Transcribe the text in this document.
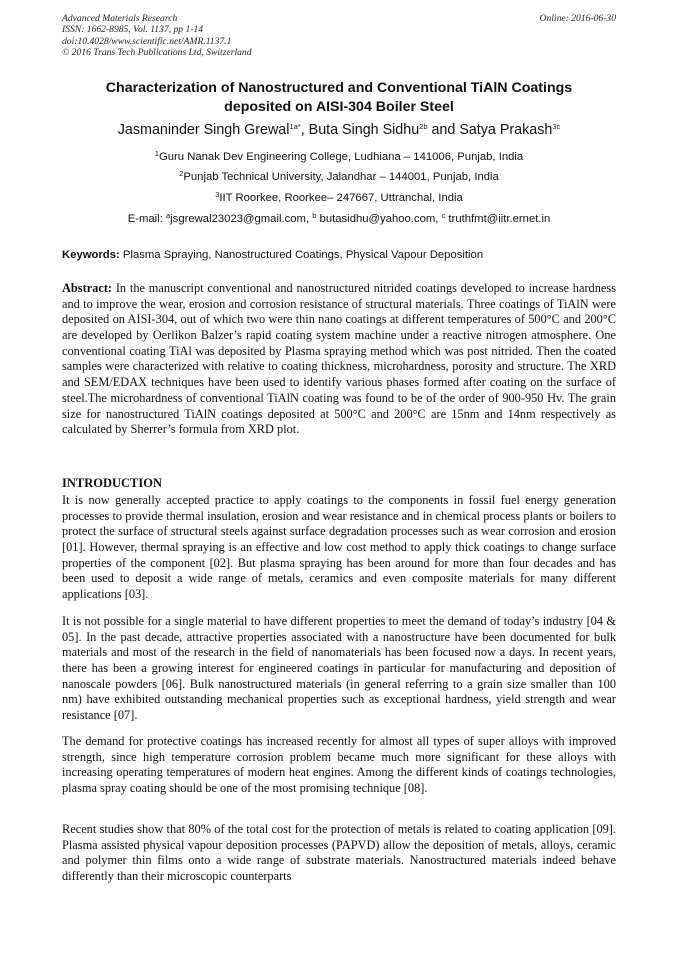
Advanced Materials Research
ISSN: 1662-8985, Vol. 1137, pp 1-14
doi:10.4028/www.scientific.net/AMR.1137.1
© 2016 Trans Tech Publications Ltd, Switzerland
Online: 2016-06-30
Characterization of Nanostructured and Conventional TiAlN Coatings
deposited on AISI-304 Boiler Steel
Jasmaninder Singh Grewal$^{1a*}$, Buta Singh Sidhu$^{2b}$ and Satya Prakash$^{3c}$
$^1$Guru Nanak Dev Engineering College, Ludhiana – 141006, Punjab, India
$^2$Punjab Technical University, Jalandhar – 144001, Punjab, India
$^3$IIT Roorkee, Roorkee– 247667, Uttranchal, India
E-mail: $^a$jsgrewal23023@gmail.com, $^b$ butasidhu@yahoo.com, $^c$ truthfmt@iitr.ernet.in
Keywords: Plasma Spraying, Nanostructured Coatings, Physical Vapour Deposition
Abstract: In the manuscript conventional and nanostructured nitrided coatings developed to increase hardness and to improve the wear, erosion and corrosion resistance of structural materials. Three coatings of TiAlN were deposited on AISI-304, out of which two were thin nano coatings at different temperatures of 500°C and 200°C are developed by Oerlikon Balzer’s rapid coating system machine under a reactive nitrogen atmosphere. One conventional coating TiAl was deposited by Plasma spraying method which was post nitrided. Then the coated samples were characterized with relative to coating thickness, microhardness, porosity and structure. The XRD and SEM/EDAX techniques have been used to identify various phases formed after coating on the surface of steel.The microhardness of conventional TiAlN coating was found to be of the order of 900-950 Hv. The grain size for nanostructured TiAlN coatings deposited at 500°C and 200°C are 15nm and 14nm respectively as calculated by Sherrer’s formula from XRD plot.
INTRODUCTION
It is now generally accepted practice to apply coatings to the components in fossil fuel energy generation processes to provide thermal insulation, erosion and wear resistance and in chemical process plants or boilers to protect the surface of structural steels against surface degradation processes such as wear corrosion and erosion [01]. However, thermal spraying is an effective and low cost method to apply thick coatings to change surface properties of the component [02]. But plasma spraying has been around for more than four decades and has been used to deposit a wide range of metals, ceramics and even composite materials for many different applications [03].
It is not possible for a single material to have different properties to meet the demand of today’s industry [04 & 05]. In the past decade, attractive properties associated with a nanostructure have been documented for bulk materials and most of the research in the field of nanomaterials has been focused now a days. In recent years, there has been a growing interest for engineered coatings in particular for manufacturing and deposition of nanoscale powders [06]. Bulk nanostructured materials (in general referring to a grain size smaller than 100 nm) have exhibited outstanding mechanical properties such as exceptional hardness, yield strength and wear resistance [07].
The demand for protective coatings has increased recently for almost all types of super alloys with improved strength, since high temperature corrosion problem became much more significant for these alloys with increasing operating temperatures of modern heat engines. Among the different kinds of coatings technologies, plasma spray coating should be one of the most promising technique [08].
Recent studies show that 80% of the total cost for the protection of metals is related to coating application [09]. Plasma assisted physical vapour deposition processes (PAPVD) allow the deposition of metals, alloys, ceramic and polymer thin films onto a wide range of substrate materials. Nanostructured materials indeed behave differently than their microscopic counterparts
